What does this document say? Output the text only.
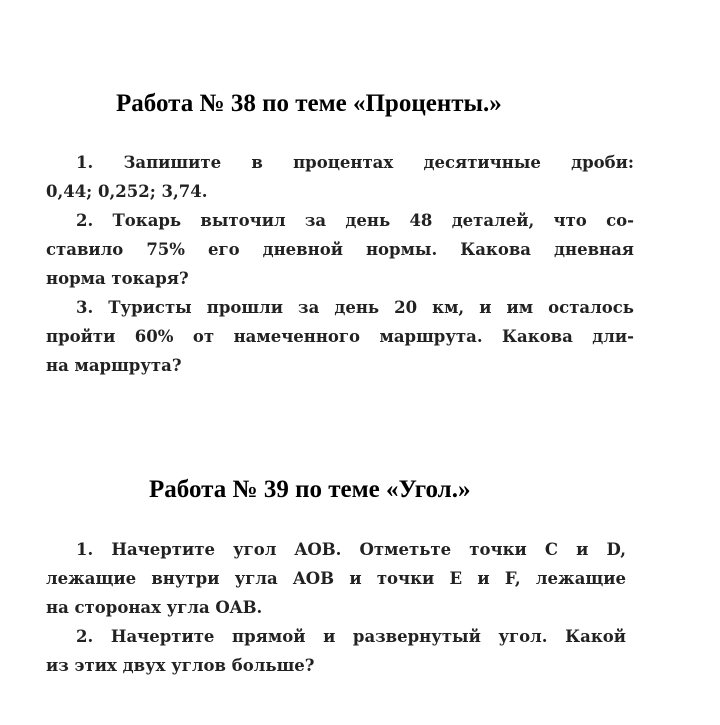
Работа № 38 по теме «Проценты.»
1. Запишите в процентах десятичные дроби:
0,44; 0,252; 3,74.
2. Токарь выточил за день 48 деталей, что со-
ставило 75% его дневной нормы. Какова дневная
норма токаря?
3. Туристы прошли за день 20 км, и им осталось
пройти 60% от намеченного маршрута. Какова дли-
на маршрута?
Работа № 39 по теме «Угол.»
1. Начертите угол AOB. Отметьте точки C и D,
лежащие внутри угла AOB и точки E и F, лежащие
на сторонах угла OAB.
2. Начертите прямой и развернутый угол. Какой
из этих двух углов больше?
